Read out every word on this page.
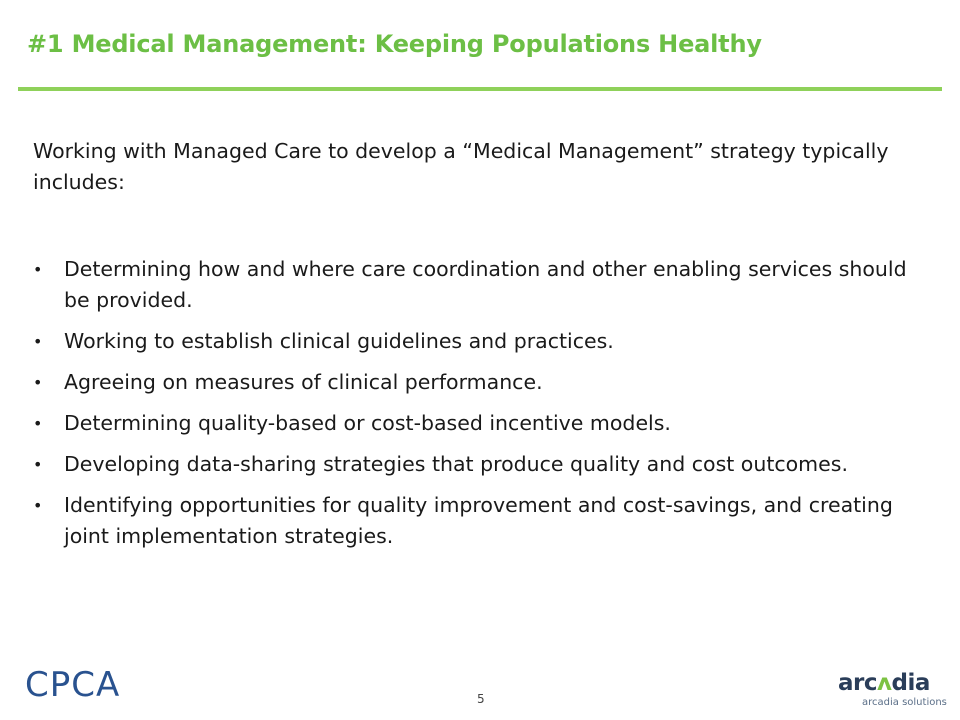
#1 Medical Management: Keeping Populations Healthy

Working with Managed Care to develop a “Medical Management” strategy typically includes:

•	Determining how and where care coordination and other enabling services should be provided.
•	Working to establish clinical guidelines and practices.
•	Agreeing on measures of clinical performance.
•	Determining quality-based or cost-based incentive models.
•	Developing data-sharing strategies that produce quality and cost outcomes.
•	Identifying opportunities for quality improvement and cost-savings, and creating joint implementation strategies.
CPCA	5
arcʌdia
arcadia solutions
